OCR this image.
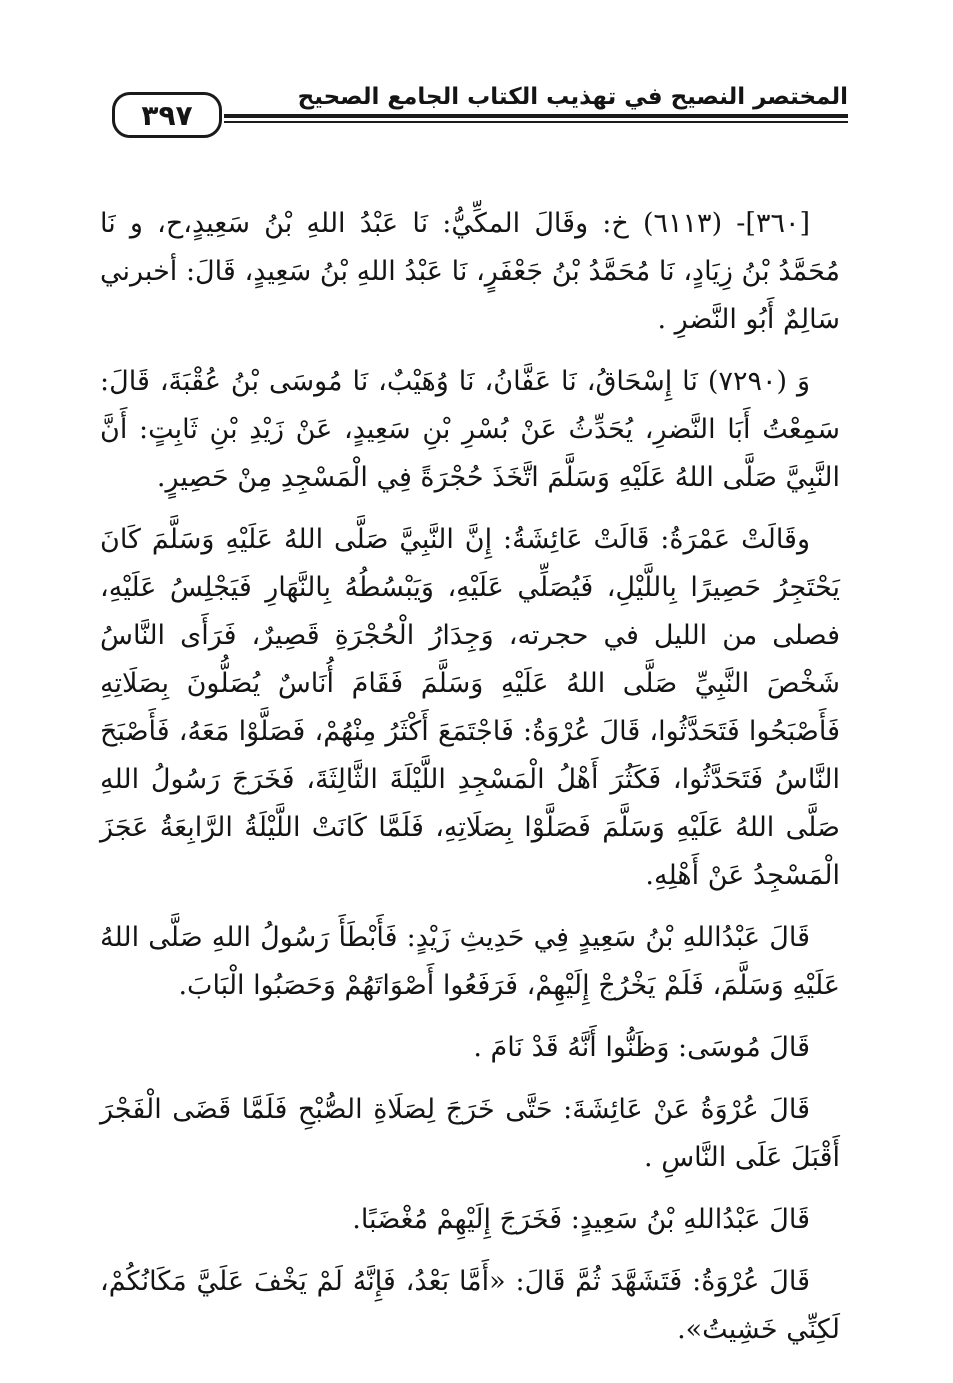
٣٩٧
المختصر النصيح في تهذيب الكتاب الجامع الصحيح

[٣٦٠]- (٦١١٣) خ: وقَالَ المكِّيُّ: نَا عَبْدُ اللهِ بْنُ سَعِيدٍ،ح، و نَا مُحَمَّدُ بْنُ زِيَادٍ، نَا مُحَمَّدُ بْنُ جَعْفَرٍ، نَا عَبْدُ اللهِ بْنُ سَعِيدٍ، قَالَ: أخبرني سَالِمٌ أَبُو النَّضرِ .

وَ (٧٢٩٠) نَا إِسْحَاقُ، نَا عَفَّانُ، نَا وُهَيْبٌ، نَا مُوسَى بْنُ عُقْبَةَ، قَالَ: سَمِعْتُ أَبَا النَّضرِ، يُحَدِّثُ عَنْ بُسْرِ بْنِ سَعِيدٍ، عَنْ زَيْدِ بْنِ ثَابِتٍ: أَنَّ النَّبِيَّ صَلَّى اللهُ عَلَيْهِ وَسَلَّمَ اتَّخَذَ حُجْرَةً فِي الْمَسْجِدِ مِنْ حَصِيرٍ.

وقَالَتْ عَمْرَةُ: قَالَتْ عَائِشَةُ: إِنَّ النَّبِيَّ صَلَّى اللهُ عَلَيْهِ وَسَلَّمَ كَانَ يَحْتَجِرُ حَصِيرًا بِاللَّيْلِ، فَيُصَلِّي عَلَيْهِ، وَيَبْسُطُهُ بِالنَّهَارِ فَيَجْلِسُ عَلَيْهِ، فصلى من الليل في حجرته، وَجِدَارُ الْحُجْرَةِ قَصِيرٌ، فَرَأَى النَّاسُ شَخْصَ النَّبِيِّ صَلَّى اللهُ عَلَيْهِ وَسَلَّمَ فَقَامَ أُنَاسٌ يُصَلُّونَ بِصَلَاتِهِ فَأَصْبَحُوا فَتَحَدَّثُوا، قَالَ عُرْوَةُ: فَاجْتَمَعَ أَكْثَرُ مِنْهُمْ، فَصَلَّوْا مَعَهُ، فَأَصْبَحَ النَّاسُ فَتَحَدَّثُوا، فَكَثُرَ أَهْلُ الْمَسْجِدِ اللَّيْلَةَ الثَّالِثَةَ، فَخَرَجَ رَسُولُ اللهِ صَلَّى اللهُ عَلَيْهِ وَسَلَّمَ فَصَلَّوْا بِصَلَاتِهِ، فَلَمَّا كَانَتْ اللَّيْلَةُ الرَّابِعَةُ عَجَزَ الْمَسْجِدُ عَنْ أَهْلِهِ.

قَالَ عَبْدُاللهِ بْنُ سَعِيدٍ فِي حَدِيثِ زَيْدٍ: فَأَبْطَأَ رَسُولُ اللهِ صَلَّى اللهُ عَلَيْهِ وَسَلَّمَ، فَلَمْ يَخْرُجْ إِلَيْهِمْ، فَرَفَعُوا أَصْوَاتَهُمْ وَحَصَبُوا الْبَابَ.

قَالَ مُوسَى: وَظَنُّوا أَنَّهُ قَدْ نَامَ .

قَالَ عُرْوَةُ عَنْ عَائِشَةَ: حَتَّى خَرَجَ لِصَلَاةِ الصُّبْحِ فَلَمَّا قَضَى الْفَجْرَ أَقْبَلَ عَلَى النَّاسِ .

قَالَ عَبْدُاللهِ بْنُ سَعِيدٍ: فَخَرَجَ إِلَيْهِمْ مُغْضَبًا.

قَالَ عُرْوَةُ: فَتَشَهَّدَ ثُمَّ قَالَ: «أَمَّا بَعْدُ، فَإِنَّهُ لَمْ يَخْفَ عَلَيَّ مَكَانُكُمْ، لَكِنِّي خَشِيتُ».
